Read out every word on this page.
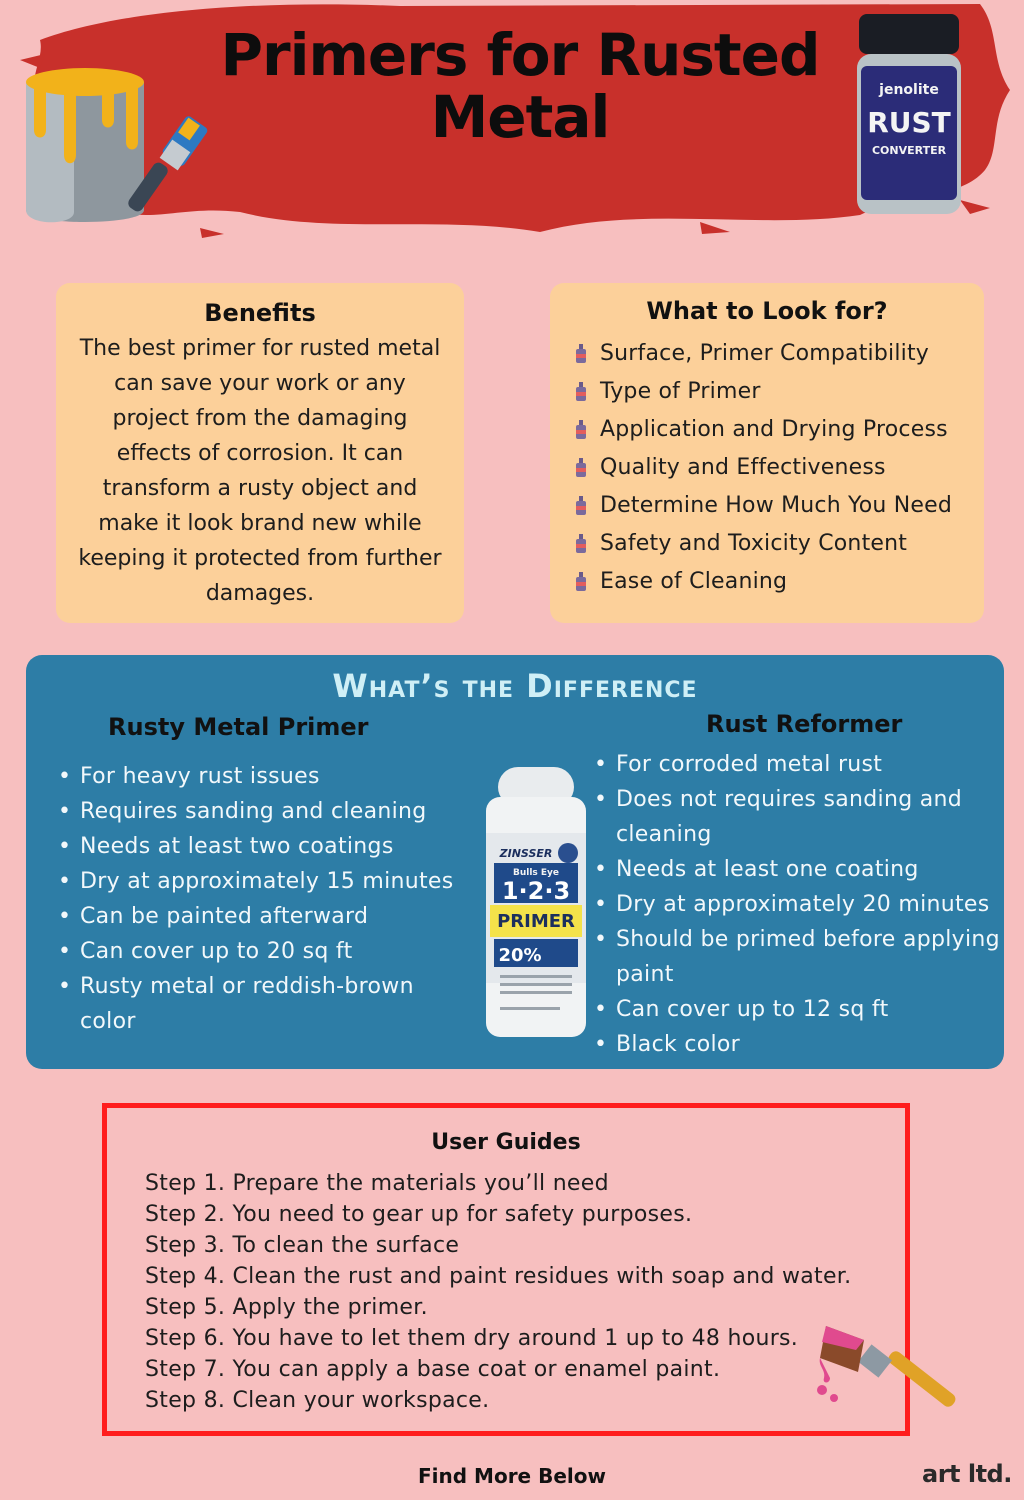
Primers for Rusted
Metal	jenolite
RUST
CONVERTER
Benefits

The best primer for rusted metal can save your work or any project from the damaging effects of corrosion. It can transform a rusty object and make it look brand new while keeping it protected from further damages.

What to Look for?
Surface, Primer Compatibility
Type of Primer
Application and Drying Process
Quality and Effectiveness
Determine How Much You Need
Safety and Toxicity Content
Ease of Cleaning
What’s the Difference
Rusty Metal Primer
• For heavy rust issues
• Requires sanding and cleaning
• Needs at least two coatings
• Dry at approximately 15 minutes
• Can be painted afterward
• Can cover up to 20 sq ft
• Rusty metal or reddish-brown color
ZINSSER
Bulls Eye
1·2·3
PRIMER
20%
Rust Reformer
• For corroded metal rust
• Does not requires sanding and cleaning
• Needs at least one coating
• Dry at approximately 20 minutes
• Should be primed before applying paint
• Can cover up to 12 sq ft
• Black color
User Guides
Step 1. Prepare the materials you’ll need
Step 2. You need to gear up for safety purposes.
Step 3. To clean the surface
Step 4. Clean the rust and paint residues with soap and water.
Step 5. Apply the primer.
Step 6. You have to let them dry around 1 up to 48 hours.
Step 7. You can apply a base coat or enamel paint.
Step 8. Clean your workspace.
Find More Below	art ltd.
